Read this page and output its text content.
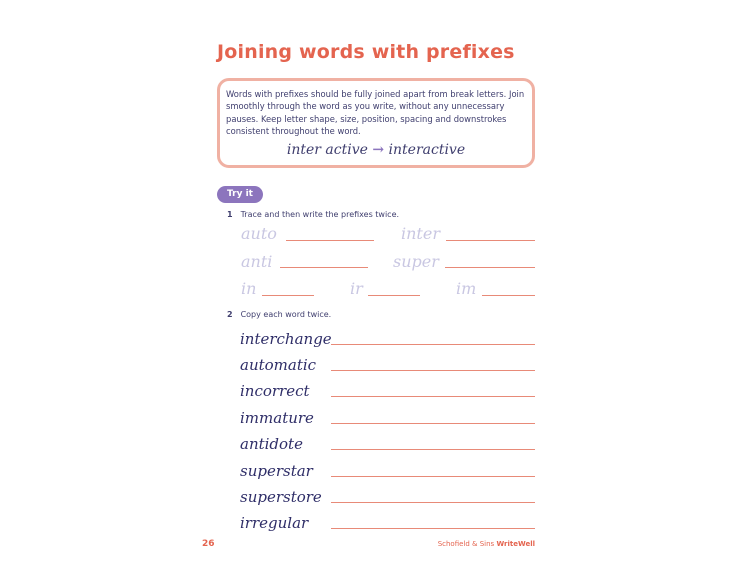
Joining words with prefixes
Words with prefixes should be fully joined apart from break letters. Join smoothly through the word as you write, without any unnecessary pauses. Keep letter shape, size, position, spacing and downstrokes consistent throughout the word.
inter active → interactive
Try it
1 Trace and then write the prefixes twice.
auto	inter
anti	super
in	ir	im
2 Copy each word twice.
interchange
automatic
incorrect
immature
antidote
superstar
superstore
irregular
26	Schofield & Sins WriteWell
